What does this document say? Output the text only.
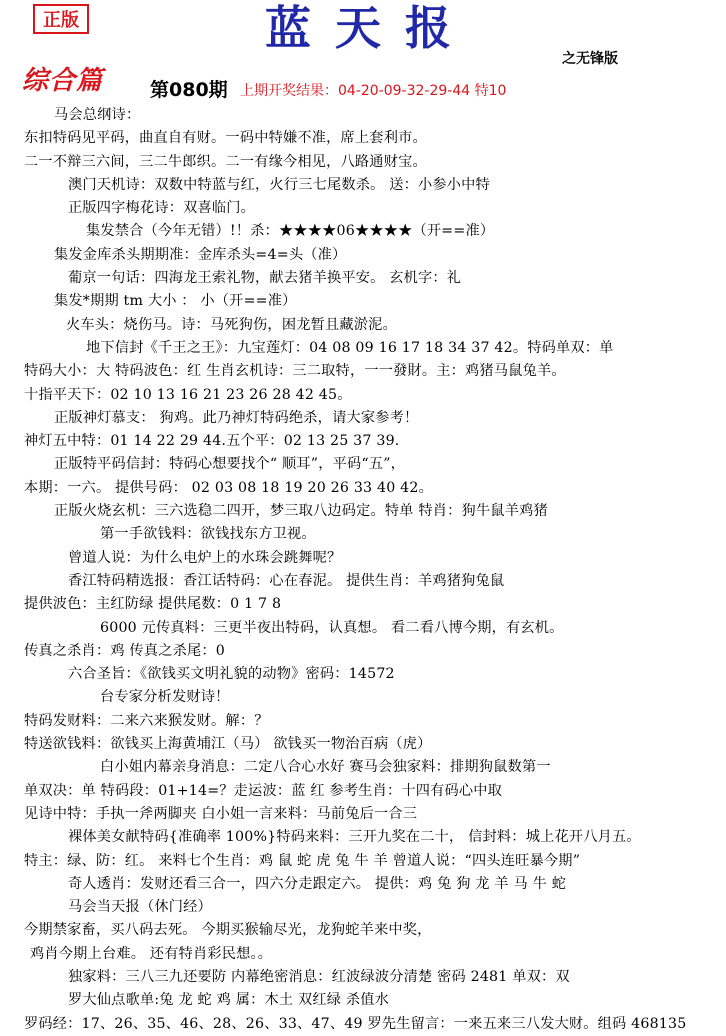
正版	蓝天报
之无锋版
综合篇 第080期 上期开奖结果：04-20-09-32-29-44 特10
马会总纲诗：
东扣特码见平码，曲直自有财。一码中特嫌不准，席上套利市。
二一不辩三六间，三二牛郎织。二一有缘今相见，八路通财宝。
澳门天机诗：双数中特蓝与红，火行三七尾数杀。 送：小参小中特
正版四字梅花诗：双喜临门。
集发禁合（今年无错）!！杀：★★★★06★★★★（开==准）
集发金库杀头期期准：金库杀头=4=头（准）
葡京一句话：四海龙王索礼物，献去猪羊换平安。 玄机字：礼
集发*期期 tm 大小 ： 小（开==准）
火车头：烧伤马。诗：马死狗伤，困龙暂且藏淤泥。
地下信封《千王之王》：九宝莲灯：04 08 09 16 17 18 34 37 42。特码单双：单
特码大小：大 特码波色：红 生肖玄机诗：三二取特，一一發財。主：鸡猪马鼠兔羊。
十指平天下：02 10 13 16 21 23 26 28 42 45。
正版神灯慕支： 狗鸡。此乃神灯特码绝杀，请大家参考！
神灯五中特：01 14 22 29 44.五个平：02 13 25 37 39.
正版特平码信封：特码心想要找个“ 顺耳”，平码“五”，
本期：一六。 提供号码： 02 03 08 18 19 20 26 33 40 42。
正版火烧玄机：三六选稳二四开，梦三取八边码定。特单 特肖：狗牛鼠羊鸡猪
第一手欲钱料：欲钱找东方卫视。
曾道人说：为什么电炉上的水珠会跳舞呢？
香江特码精选报：香江话特码：心在春泥。 提供生肖：羊鸡猪狗兔鼠
提供波色：主红防绿 提供尾数：0 1 7 8
6000 元传真料：三更半夜出特码，认真想。 看二看八博今期，有玄机。
传真之杀肖：鸡 传真之杀尾：0
六合圣旨：《欲钱买文明礼貌的动物》密码：14572
台专家分析发财诗！
特码发财料：二来六来猴发财。解：？
特送欲钱料：欲钱买上海黄埔江（马） 欲钱买一物治百病（虎）
白小姐内幕亲身消息：二定八合心水好 赛马会独家料：排期狗鼠数第一
单双决：单 特码段：01+14=？走运波：蓝 红 参考生肖：十四有码心中取
见诗中特：手执一斧两脚夹 白小姐一言来料：马前兔后一合三
裸体美女献特码{准确率 100%}特码来料：三开九奖在二十， 信封料：城上花开八月五。
特主：绿、防：红。 来料七个生肖：鸡 鼠 蛇 虎 兔 牛 羊 曾道人说：“四头连旺暴今期”
奇人透肖：发财还看三合一，四六分走跟定六。 提供：鸡 兔 狗 龙 羊 马 牛 蛇
马会当天报（休门经）
今期禁家畜，买八码去死。 今期买猴输尽光，龙狗蛇羊来中奖，
鸡肖今期上台难。 还有特肖彩民想。。
独家料：三八三九还要防 内幕绝密消息：红波绿波分清楚 密码 2481 单双：双
罗大仙点歌单:兔 龙 蛇 鸡 属：木土 双红绿 杀值水
罗码经：17、26、35、46、28、26、33、47、49 罗先生留言：一来五来三八发大财。组码 468135
